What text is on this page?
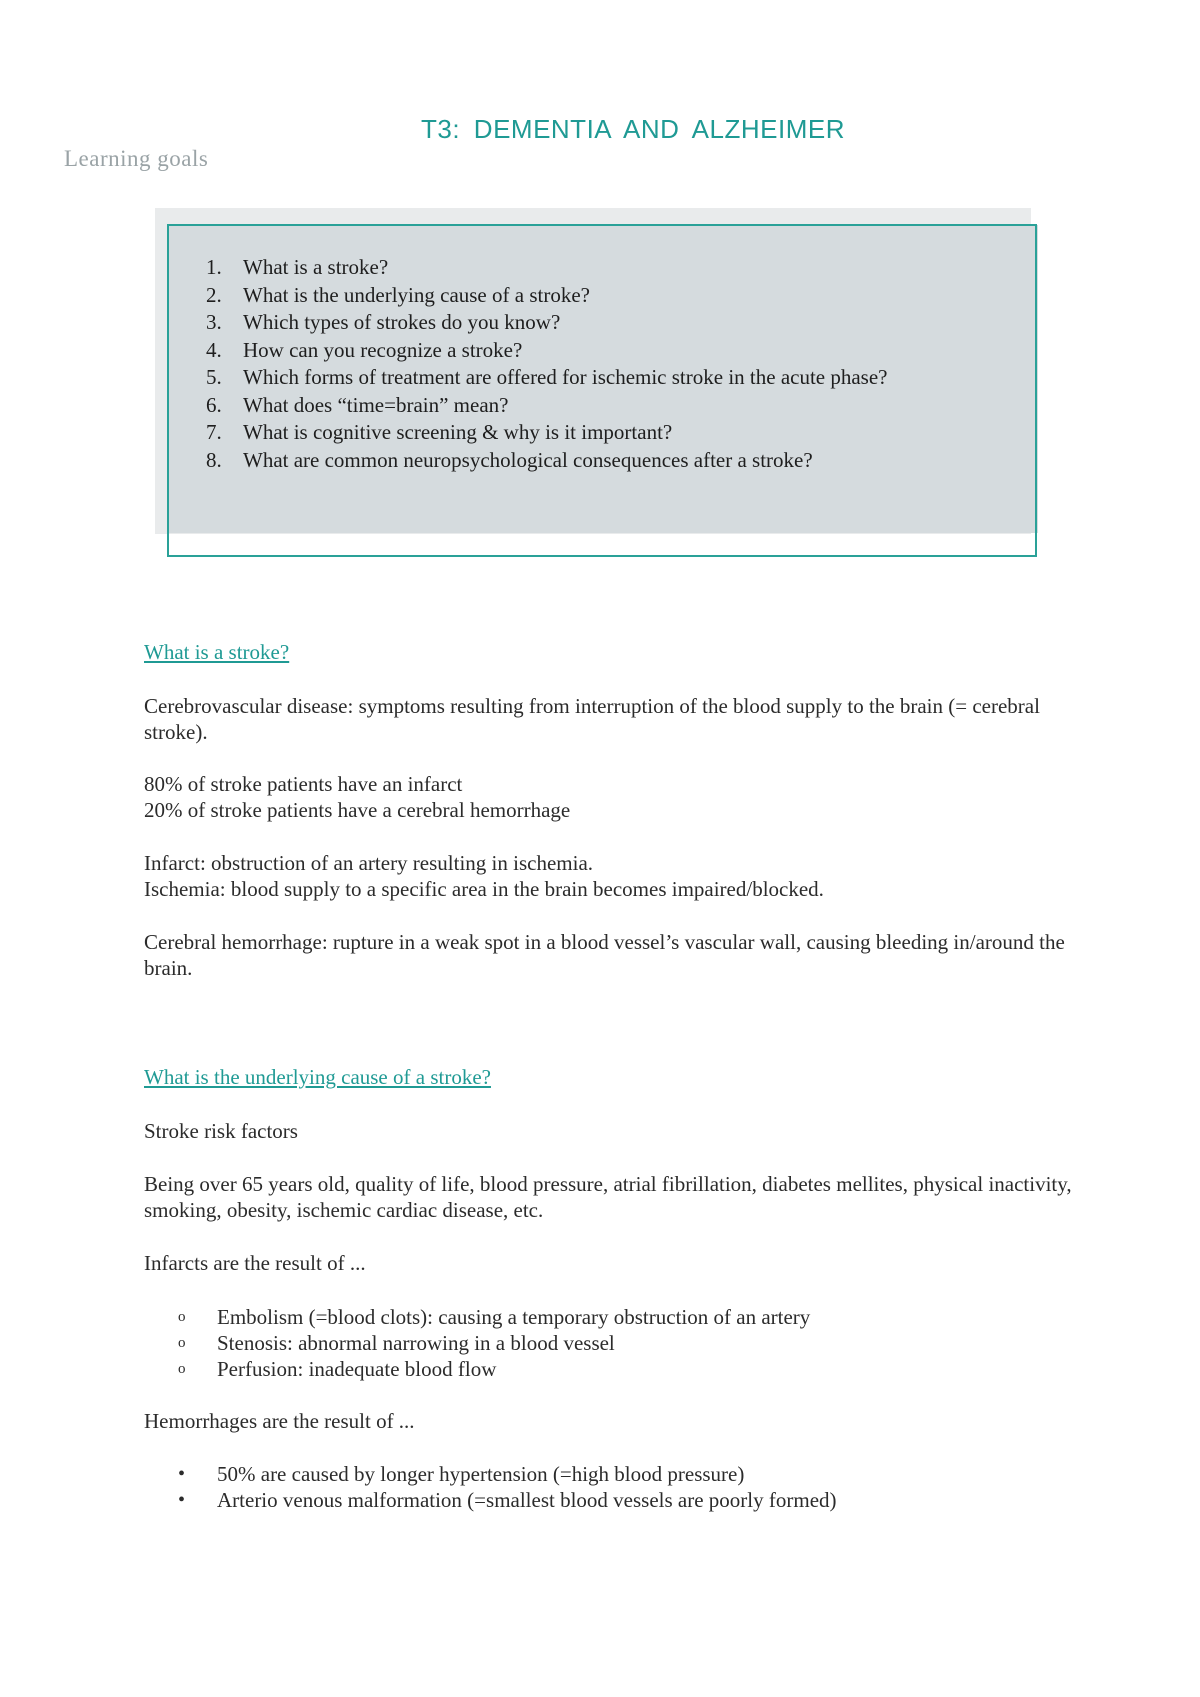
T3: DEMENTIA AND ALZHEIMER
Learning goals
1.	What is a stroke?
2.	What is the underlying cause of a stroke?
3.	Which types of strokes do you know?
4.	How can you recognize a stroke?
5.	Which forms of treatment are offered for ischemic stroke in the acute phase?
6.	What does “time=brain” mean?
7.	What is cognitive screening & why is it important?
8.	What are common neuropsychological consequences after a stroke?
What is a stroke?

Cerebrovascular disease: symptoms resulting from interruption of the blood supply to the brain (= cerebral stroke).

80% of stroke patients have an infarct
20% of stroke patients have a cerebral hemorrhage

Infarct: obstruction of an artery resulting in ischemia.
Ischemia: blood supply to a specific area in the brain becomes impaired/blocked.

Cerebral hemorrhage: rupture in a weak spot in a blood vessel’s vascular wall, causing bleeding in/around the brain.

What is the underlying cause of a stroke?

Stroke risk factors

Being over 65 years old, quality of life, blood pressure, atrial fibrillation, diabetes mellites, physical inactivity, smoking, obesity, ischemic cardiac disease, etc.

Infarcts are the result of ...

o	Embolism (=blood clots): causing a temporary obstruction of an artery
o	Stenosis: abnormal narrowing in a blood vessel
o	Perfusion: inadequate blood flow

Hemorrhages are the result of ...

•	50% are caused by longer hypertension (=high blood pressure)
•	Arterio venous malformation (=smallest blood vessels are poorly formed)
